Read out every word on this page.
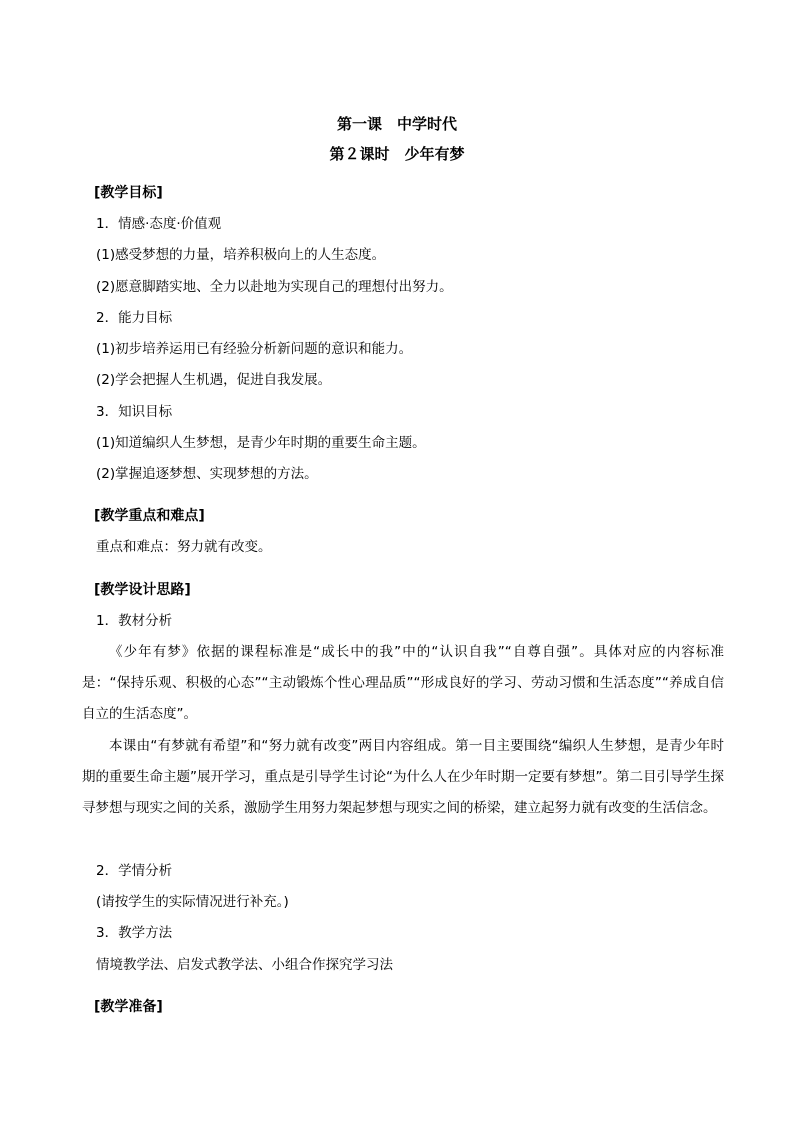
第一课　中学时代
第２课时　少年有梦
[教学目标]
1．情感·态度·价值观
(1)感受梦想的力量，培养积极向上的人生态度。
(2)愿意脚踏实地、全力以赴地为实现自己的理想付出努力。
2．能力目标
(1)初步培养运用已有经验分析新问题的意识和能力。
(2)学会把握人生机遇，促进自我发展。
3．知识目标
(1)知道编织人生梦想，是青少年时期的重要生命主题。
(2)掌握追逐梦想、实现梦想的方法。
[教学重点和难点]
重点和难点：努力就有改变。
[教学设计思路]
1．教材分析
《少年有梦》依据的课程标准是“成长中的我”中的“认识自我”“自尊自强”。具体对应的内容标准是：“保持乐观、积极的心态”“主动锻炼个性心理品质”“形成良好的学习、劳动习惯和生活态度”“养成自信自立的生活态度”。
本课由“有梦就有希望”和“努力就有改变”两目内容组成。第一目主要围绕“编织人生梦想，是青少年时期的重要生命主题”展开学习，重点是引导学生讨论“为什么人在少年时期一定要有梦想”。第二目引导学生探寻梦想与现实之间的关系，激励学生用努力架起梦想与现实之间的桥梁，建立起努力就有改变的生活信念。
2．学情分析
(请按学生的实际情况进行补充。)
3．教学方法
情境教学法、启发式教学法、小组合作探究学习法
[教学准备]
